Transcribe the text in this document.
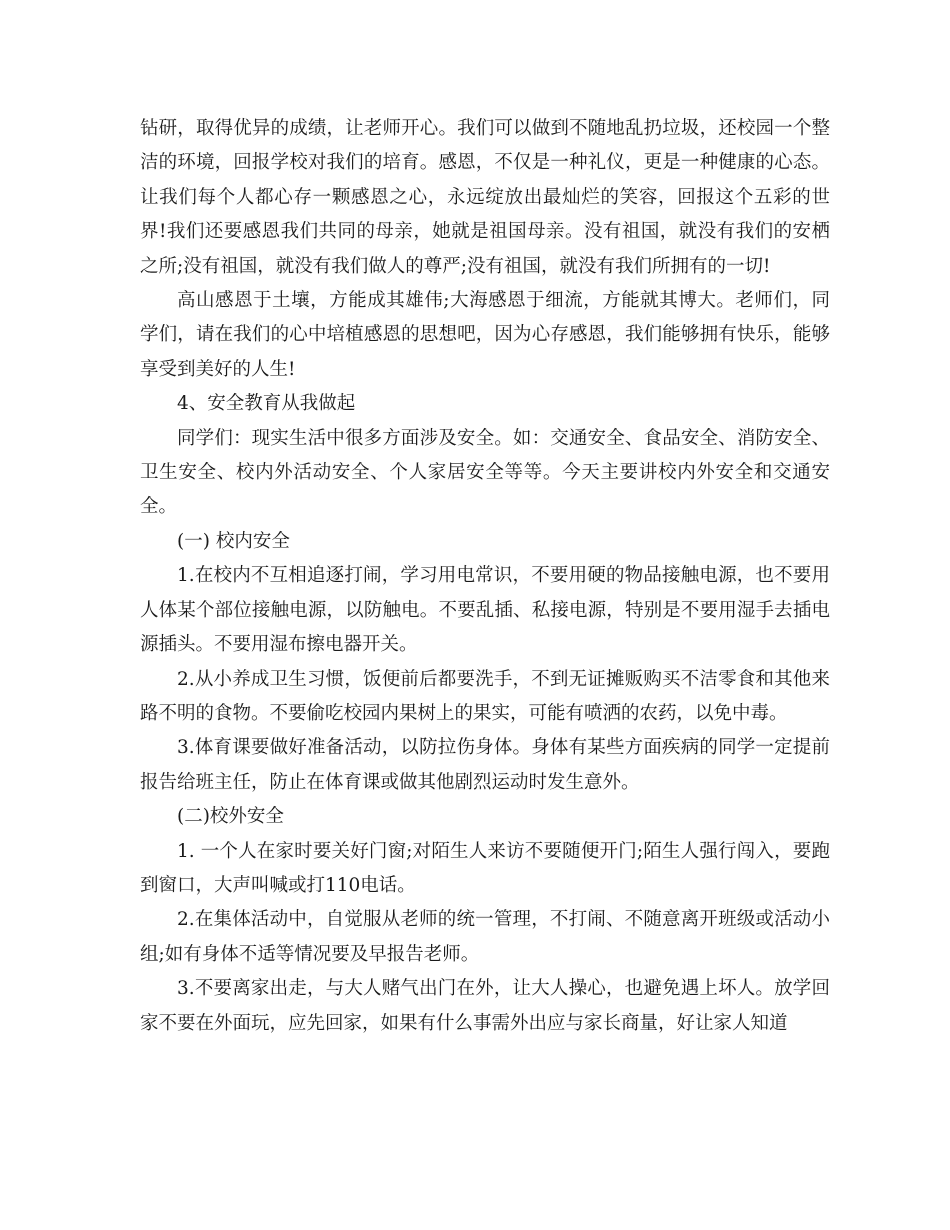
钻研，取得优异的成绩，让老师开心。我们可以做到不随地乱扔垃圾，还校园一个整洁的环境，回报学校对我们的培育。感恩，不仅是一种礼仪，更是一种健康的心态。让我们每个人都心存一颗感恩之心，永远绽放出最灿烂的笑容，回报这个五彩的世界!我们还要感恩我们共同的母亲，她就是祖国母亲。没有祖国，就没有我们的安栖之所;没有祖国，就没有我们做人的尊严;没有祖国，就没有我们所拥有的一切!

高山感恩于土壤，方能成其雄伟;大海感恩于细流，方能就其博大。老师们，同学们，请在我们的心中培植感恩的思想吧，因为心存感恩，我们能够拥有快乐，能够享受到美好的人生!

4、安全教育从我做起

同学们：现实生活中很多方面涉及安全。如：交通安全、食品安全、消防安全、卫生安全、校内外活动安全、个人家居安全等等。今天主要讲校内外安全和交通安全。

(一) 校内安全

1.在校内不互相追逐打闹，学习用电常识，不要用硬的物品接触电源，也不要用人体某个部位接触电源，以防触电。不要乱插、私接电源，特别是不要用湿手去插电源插头。不要用湿布擦电器开关。

2.从小养成卫生习惯，饭便前后都要洗手，不到无证摊贩购买不洁零食和其他来路不明的食物。不要偷吃校园内果树上的果实，可能有喷洒的农药，以免中毒。

3.体育课要做好准备活动，以防拉伤身体。身体有某些方面疾病的同学一定提前报告给班主任，防止在体育课或做其他剧烈运动时发生意外。

(二)校外安全

1. 一个人在家时要关好门窗;对陌生人来访不要随便开门;陌生人强行闯入，要跑到窗口，大声叫喊或打110电话。

2.在集体活动中，自觉服从老师的统一管理，不打闹、不随意离开班级或活动小组;如有身体不适等情况要及早报告老师。

3.不要离家出走，与大人赌气出门在外，让大人操心，也避免遇上坏人。放学回家不要在外面玩，应先回家，如果有什么事需外出应与家长商量，好让家人知道
